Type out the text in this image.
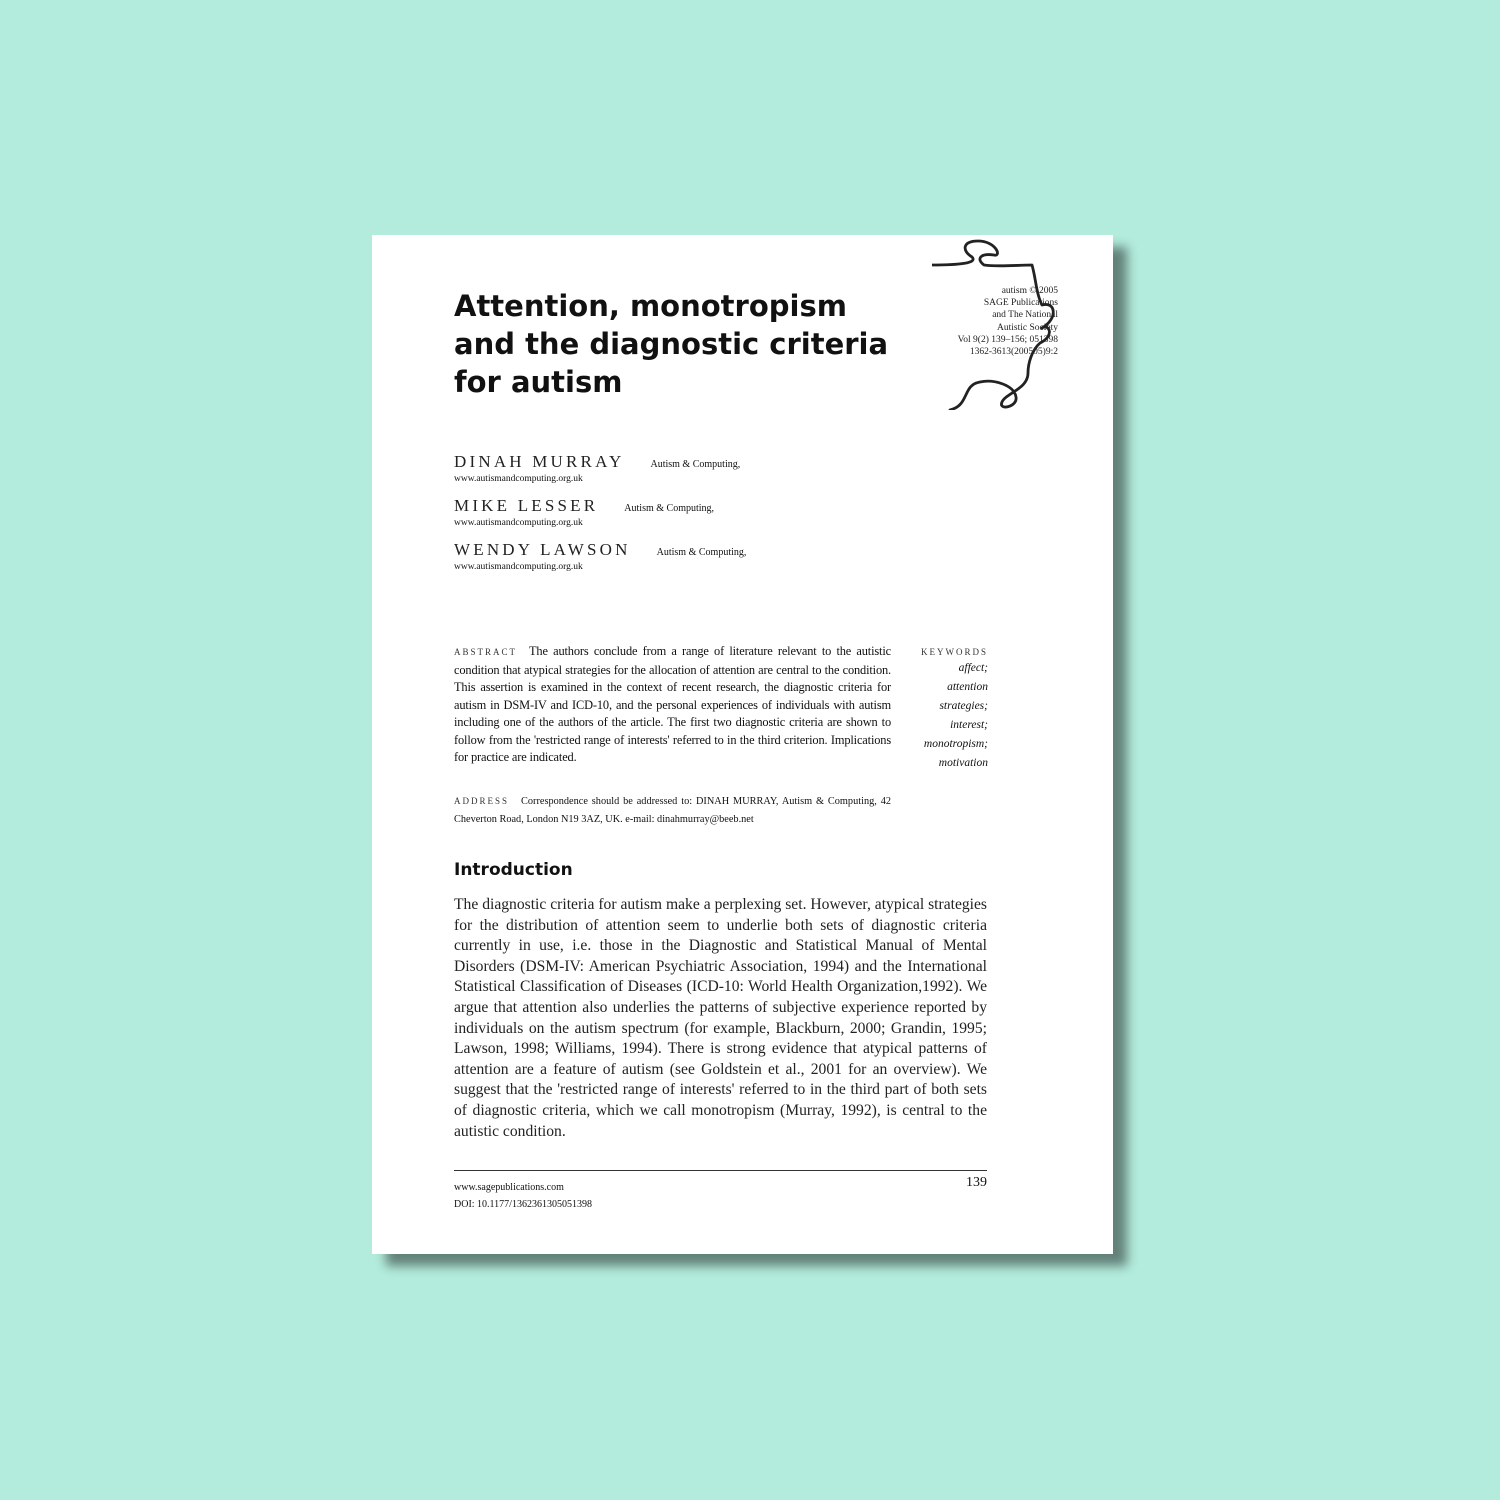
autism © 2005
SAGE Publications
and The National
Autistic Society
Vol 9(2) 139–156; 051398
1362-3613(200505)9:2
Attention, monotropism and the diagnostic criteria for autism
DINAH MURRAY	Autism & Computing,
www.autismandcomputing.org.uk
MIKE LESSER	Autism & Computing,
www.autismandcomputing.org.uk
WENDY LAWSON	Autism & Computing,
www.autismandcomputing.org.uk
ABSTRACT The authors conclude from a range of literature relevant to the autistic condition that atypical strategies for the allocation of attention are central to the condition. This assertion is examined in the context of recent research, the diagnostic criteria for autism in DSM-IV and ICD-10, and the personal experiences of individuals with autism including one of the authors of the article. The first two diagnostic criteria are shown to follow from the 'restricted range of interests' referred to in the third criterion. Implications for practice are indicated.
KEYWORDS
affect;
attention
strategies;
interest;
monotropism;
motivation
ADDRESS Correspondence should be addressed to: DINAH MURRAY, Autism & Computing, 42 Cheverton Road, London N19 3AZ, UK. e-mail: dinahmurray@beeb.net
Introduction

The diagnostic criteria for autism make a perplexing set. However, atypical strategies for the distribution of attention seem to underlie both sets of diagnostic criteria currently in use, i.e. those in the Diagnostic and Statistical Manual of Mental Disorders (DSM-IV: American Psychiatric Association, 1994) and the International Statistical Classification of Diseases (ICD-10: World Health Organization,1992). We argue that attention also underlies the patterns of subjective experience reported by individuals on the autism spectrum (for example, Blackburn, 2000; Grandin, 1995; Lawson, 1998; Williams, 1994). There is strong evidence that atypical patterns of attention are a feature of autism (see Goldstein et al., 2001 for an overview). We suggest that the 'restricted range of interests' referred to in the third part of both sets of diagnostic criteria, which we call monotropism (Murray, 1992), is central to the autistic condition.

www.sagepublications.com
DOI: 10.1177/1362361305051398
139
